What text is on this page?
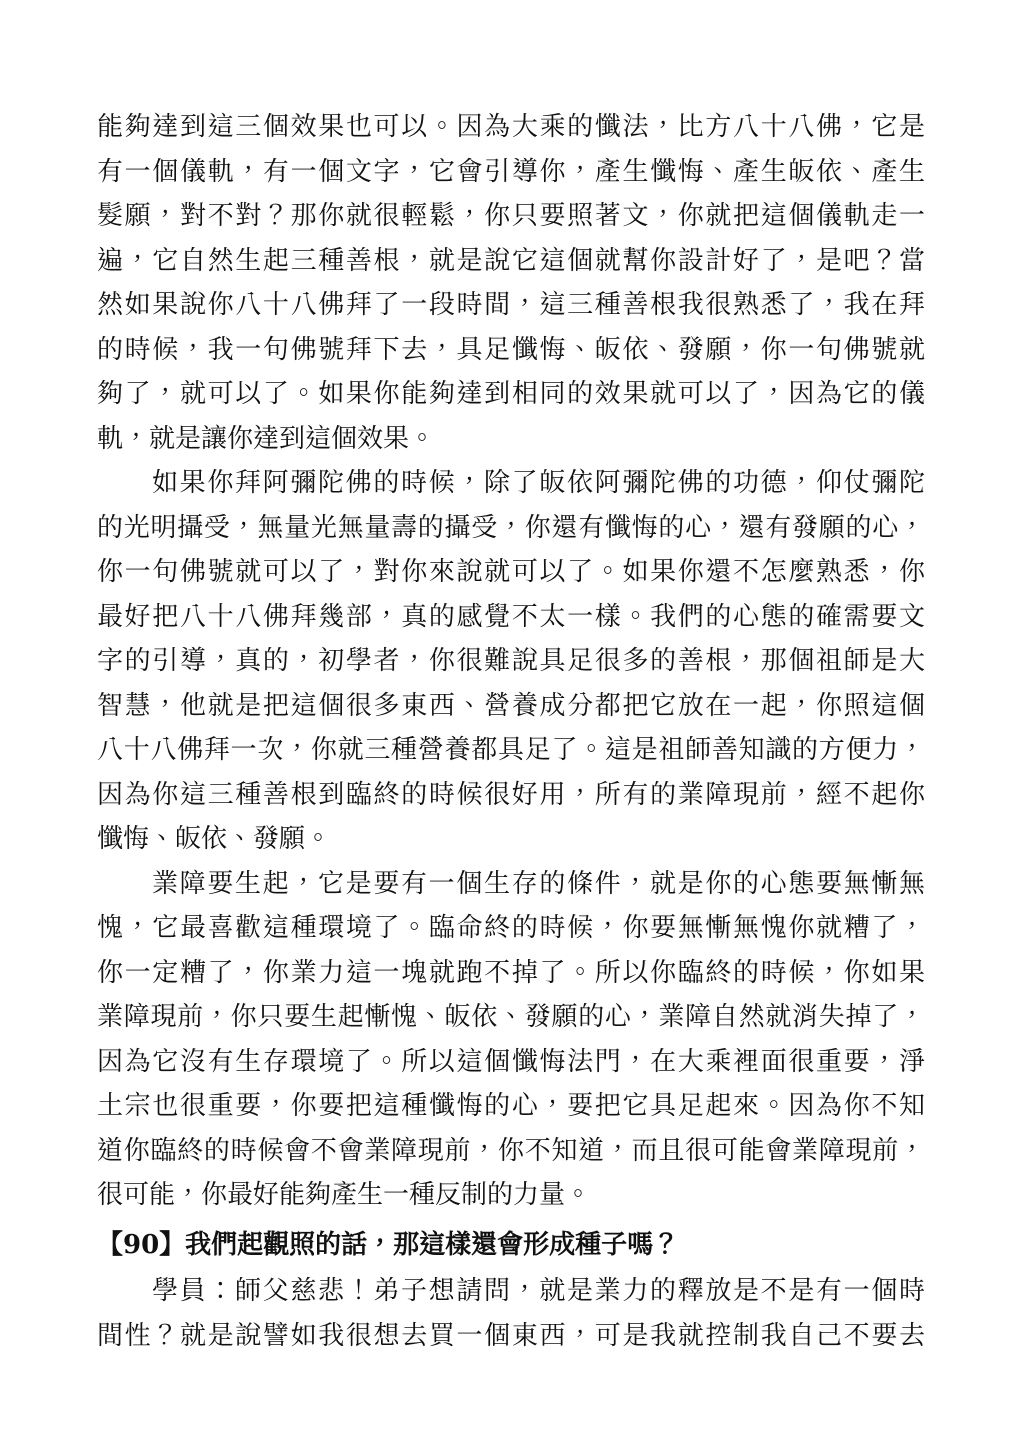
能夠達到這三個效果也可以。因為大乘的懺法，比方八十八佛，它是
有一個儀軌，有一個文字，它會引導你，產生懺悔、產生皈依、產生
髮願，對不對？那你就很輕鬆，你只要照著文，你就把這個儀軌走一
遍，它自然生起三種善根，就是說它這個就幫你設計好了，是吧？當
然如果說你八十八佛拜了一段時間，這三種善根我很熟悉了，我在拜
的時候，我一句佛號拜下去，具足懺悔、皈依、發願，你一句佛號就
夠了，就可以了。如果你能夠達到相同的效果就可以了，因為它的儀
軌，就是讓你達到這個效果。
如果你拜阿彌陀佛的時候，除了皈依阿彌陀佛的功德，仰仗彌陀
的光明攝受，無量光無量壽的攝受，你還有懺悔的心，還有發願的心，
你一句佛號就可以了，對你來說就可以了。如果你還不怎麼熟悉，你
最好把八十八佛拜幾部，真的感覺不太一樣。我們的心態的確需要文
字的引導，真的，初學者，你很難說具足很多的善根，那個祖師是大
智慧，他就是把這個很多東西、營養成分都把它放在一起，你照這個
八十八佛拜一次，你就三種營養都具足了。這是祖師善知識的方便力，
因為你這三種善根到臨終的時候很好用，所有的業障現前，經不起你
懺悔、皈依、發願。
業障要生起，它是要有一個生存的條件，就是你的心態要無慚無
愧，它最喜歡這種環境了。臨命終的時候，你要無慚無愧你就糟了，
你一定糟了，你業力這一塊就跑不掉了。所以你臨終的時候，你如果
業障現前，你只要生起慚愧、皈依、發願的心，業障自然就消失掉了，
因為它沒有生存環境了。所以這個懺悔法門，在大乘裡面很重要，淨
土宗也很重要，你要把這種懺悔的心，要把它具足起來。因為你不知
道你臨終的時候會不會業障現前，你不知道，而且很可能會業障現前，
很可能，你最好能夠產生一種反制的力量。
【90】我們起觀照的話，那這樣還會形成種子嗎？
學員：師父慈悲！弟子想請問，就是業力的釋放是不是有一個時
間性？就是說譬如我很想去買一個東西，可是我就控制我自己不要去
